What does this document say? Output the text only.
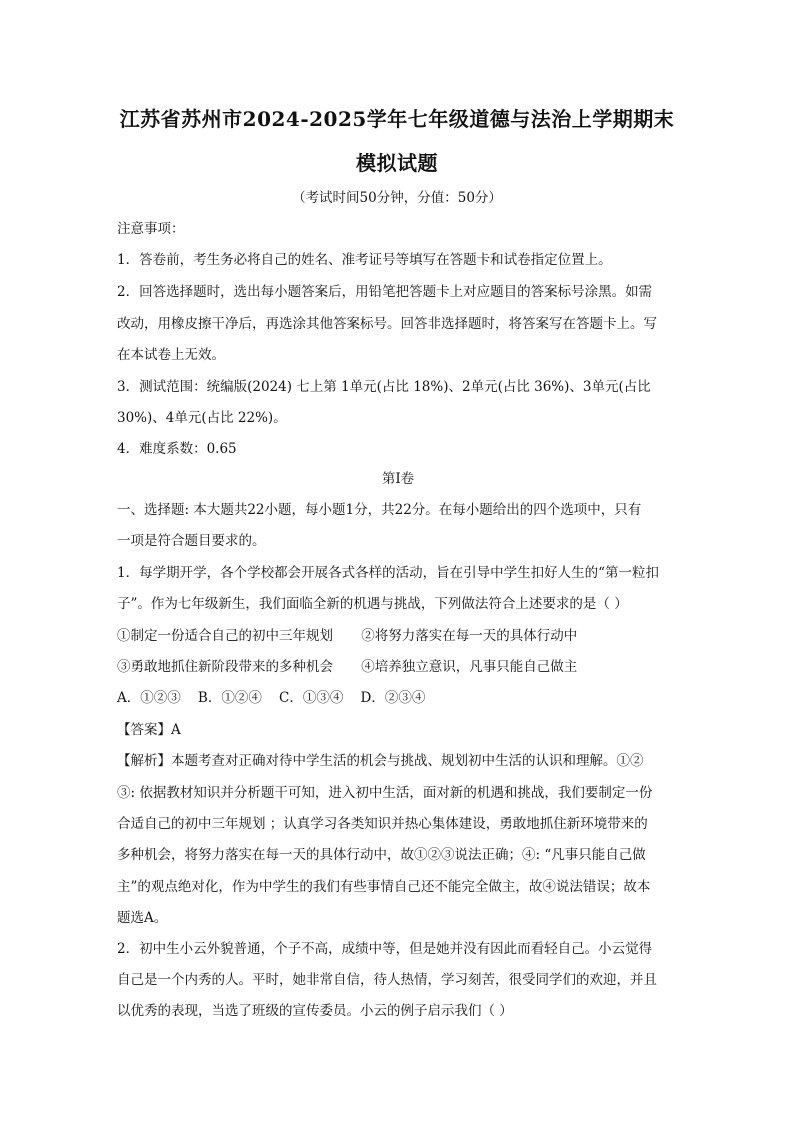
江苏省苏州市2024-2025学年七年级道德与法治上学期期末
模拟试题
（考试时间50分钟，分值：50分）
注意事项：
1．答卷前，考生务必将自己的姓名、准考证号等填写在答题卡和试卷指定位置上。
2．回答选择题时，选出每小题答案后，用铅笔把答题卡上对应题目的答案标号涂黑。如需
改动，用橡皮擦干净后，再选涂其他答案标号。回答非选择题时，将答案写在答题卡上。写
在本试卷上无效。
3．测试范围：统编版(2024) 七上第 1单元(占比 18%)、2单元(占比 36%)、3单元(占比
30%)、4单元(占比 22%)。
4．难度系数：0.65
第Ⅰ卷
一、选择题: 本大题共22小题，每小题1分，共22分。在每小题给出的四个选项中，只有
一项是符合题目要求的。
1．每学期开学，各个学校都会开展各式各样的活动，旨在引导中学生扣好人生的“第一粒扣
子”。作为七年级新生，我们面临全新的机遇与挑战，下列做法符合上述要求的是（ ）
①制定一份适合自己的初中三年规划 ②将努力落实在每一天的具体行动中
③勇敢地抓住新阶段带来的多种机会 ④培养独立意识，凡事只能自己做主
A．①②③    B．①②④    C．①③④    D．②③④
【答案】A
【解析】本题考查对正确对待中学生活的机会与挑战、规划初中生活的认识和理解。①②
③: 依据教材知识并分析题干可知，进入初中生活，面对新的机遇和挑战，我们要制定一份
合适自己的初中三年规划 ；认真学习各类知识并热心集体建设，勇敢地抓住新环境带来的
多种机会，将努力落实在每一天的具体行动中，故①②③说法正确；④: “凡事只能自己做
主”的观点绝对化，作为中学生的我们有些事情自己还不能完全做主，故④说法错误；故本
题选A。
2．初中生小云外貌普通，个子不高，成绩中等，但是她并没有因此而看轻自己。小云觉得
自己是一个内秀的人。平时，她非常自信，待人热情，学习刻苦，很受同学们的欢迎，并且
以优秀的表现，当选了班级的宣传委员。小云的例子启示我们（ ）
